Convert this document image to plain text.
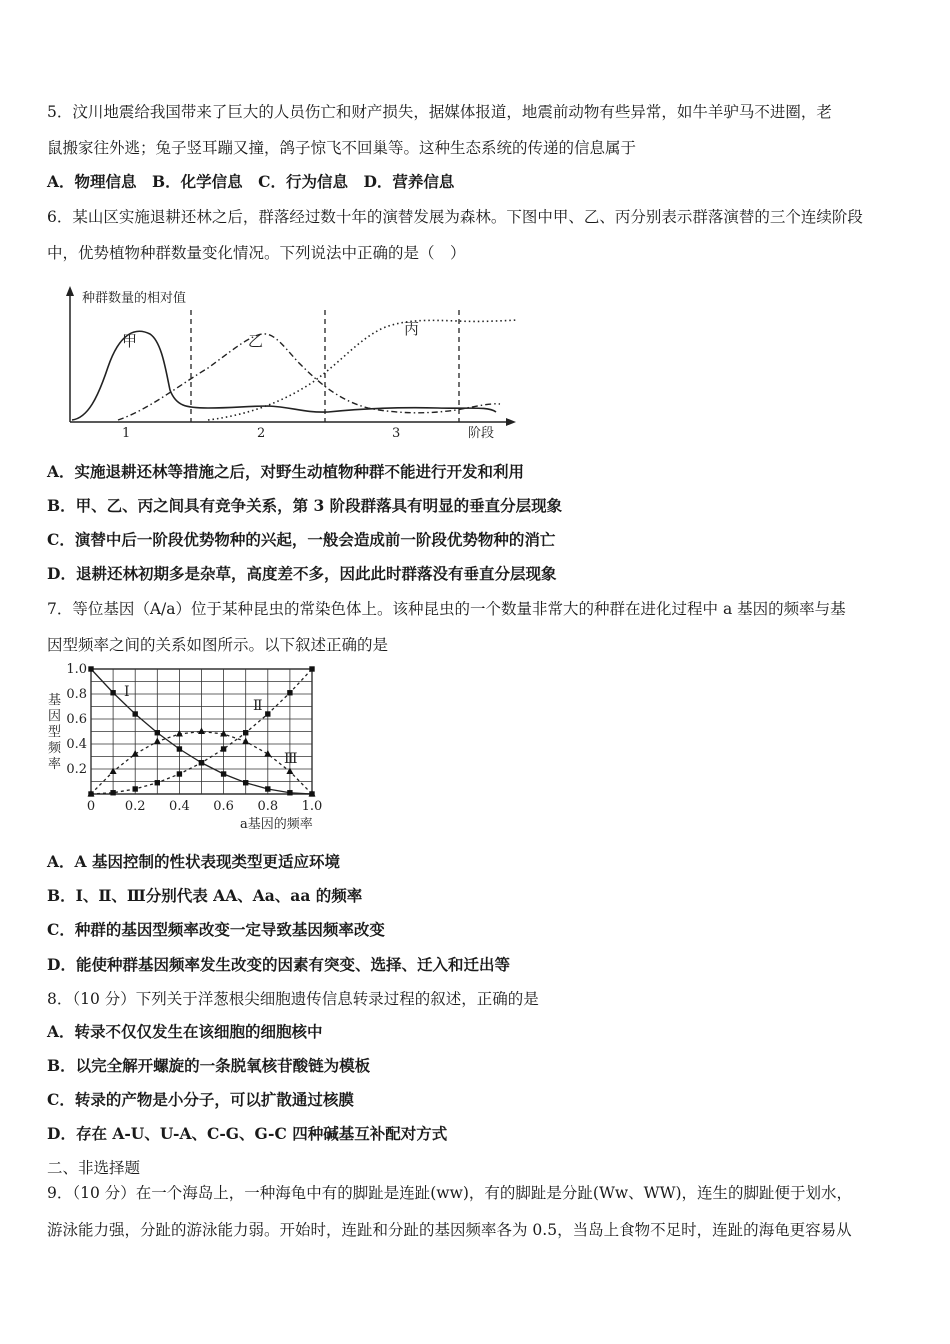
5．汶川地震给我国带来了巨大的人员伤亡和财产损失，据媒体报道，地震前动物有些异常，如牛羊驴马不进圈，老
鼠搬家往外逃；兔子竖耳蹦又撞，鸽子惊飞不回巢等。这种生态系统的传递的信息属于
A．物理信息　B．化学信息　C．行为信息　D．营养信息
6．某山区实施退耕还林之后，群落经过数十年的演替发展为森林。下图中甲、乙、丙分别表示群落演替的三个连续阶段
中，优势植物种群数量变化情况。下列说法中正确的是（　）
种群数量的相对值
阶段
1	2	3
甲	乙
丙
A．实施退耕还林等措施之后，对野生动植物种群不能进行开发和利用
B．甲、乙、丙之间具有竞争关系，第 3 阶段群落具有明显的垂直分层现象
C．演替中后一阶段优势物种的兴起，一般会造成前一阶段优势物种的消亡
D．退耕还林初期多是杂草，高度差不多，因此此时群落没有垂直分层现象
7．等位基因（A/a）位于某种昆虫的常染色体上。该种昆虫的一个数量非常大的种群在进化过程中 a 基因的频率与基
因型频率之间的关系如图所示。以下叙述正确的是
0 0.2 0.4 0.6 0.8 1.0
0.2
0.4
0.6
0.8
1.0
Ⅰ
Ⅱ
Ⅲ
基
因
型
频
率
a基因的频率
A．A 基因控制的性状表现类型更适应环境
B．Ⅰ、Ⅱ、Ⅲ分别代表 AA、Aa、aa 的频率
C．种群的基因型频率改变一定导致基因频率改变
D．能使种群基因频率发生改变的因素有突变、选择、迁入和迁出等
8．（10 分）下列关于洋葱根尖细胞遗传信息转录过程的叙述，正确的是
A．转录不仅仅发生在该细胞的细胞核中
B．以完全解开螺旋的一条脱氧核苷酸链为模板
C．转录的产物是小分子，可以扩散通过核膜
D．存在 A-U、U-A、C-G、G-C 四种碱基互补配对方式
二、非选择题
9．（10 分）在一个海岛上，一种海龟中有的脚趾是连趾(ww)，有的脚趾是分趾(Ww、WW)，连生的脚趾便于划水，
游泳能力强，分趾的游泳能力弱。开始时，连趾和分趾的基因频率各为 0.5，当岛上食物不足时，连趾的海龟更容易从
